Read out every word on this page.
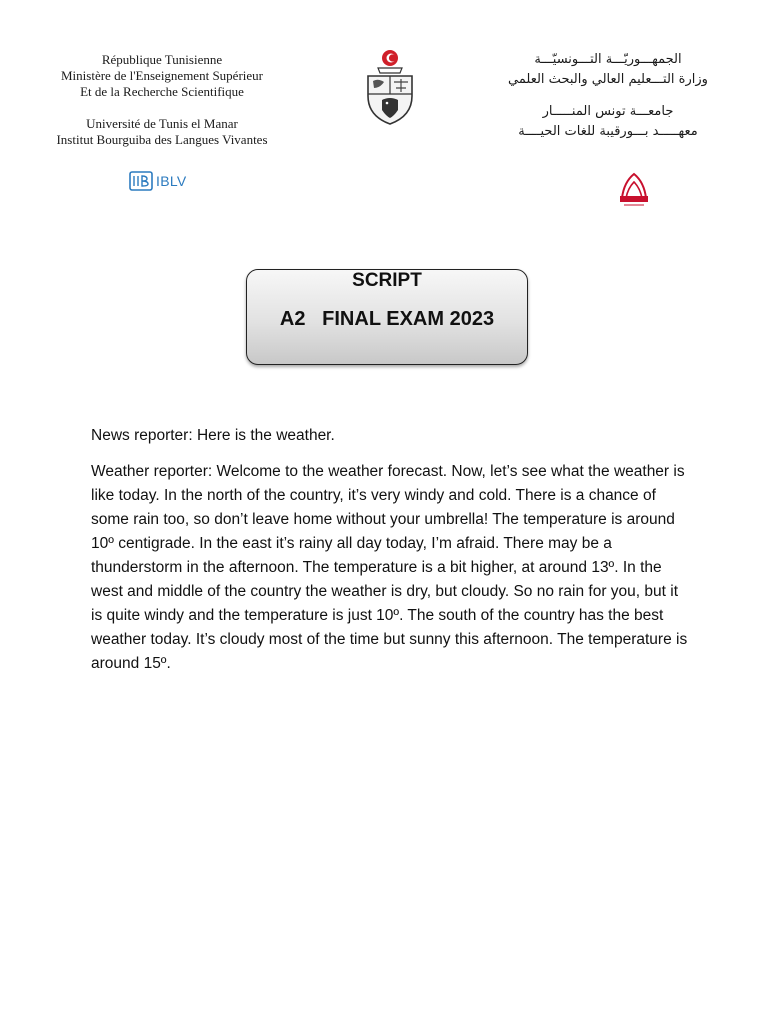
République Tunisienne
Ministère de l'Enseignement Supérieur
Et de la Recherche Scientifique
Université de Tunis el Manar
Institut Bourguiba des Langues Vivantes
الجمهـــوريّـــة التـــونسيّـــة
وزارة التـــعليم العالي والبحث العلمي
جامعـــة تونس المنـــــار
معهـــــد بـــورقيبة للغات الحيــــة
IBLV
SCRIPT
A2   FINAL EXAM 2023

News reporter: Here is the weather.

Weather reporter: Welcome to the weather forecast. Now, let’s see what the weather is like today. In the north of the country, it’s very windy and cold. There is a chance of some rain too, so don’t leave home without your umbrella! The temperature is around 10º centigrade. In the east it’s rainy all day today, I’m afraid. There may be a thunderstorm in the afternoon. The temperature is a bit higher, at around 13º. In the west and middle of the country the weather is dry, but cloudy. So no rain for you, but it is quite windy and the temperature is just 10º. The south of the country has the best weather today. It’s cloudy most of the time but sunny this afternoon. The temperature is around 15º.
